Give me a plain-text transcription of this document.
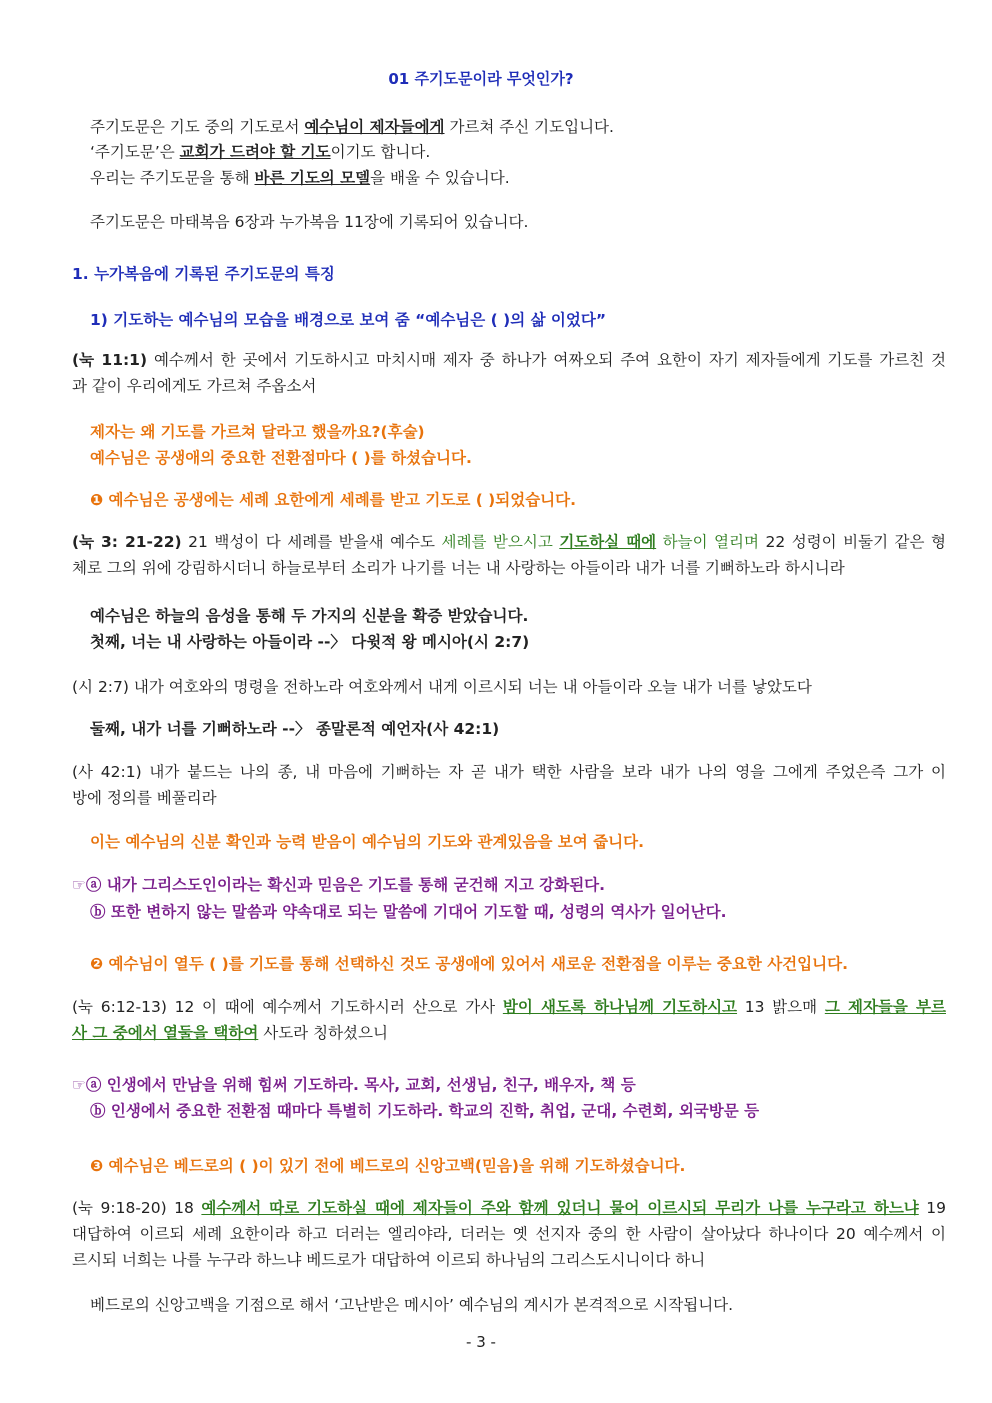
01 주기도문이라 무엇인가?
주기도문은 기도 중의 기도로서 예수님이 제자들에게 가르쳐 주신 기도입니다.
‘주기도문’은 교회가 드려야 할 기도이기도 합니다.
우리는 주기도문을 통해 바른 기도의 모델을 배울 수 있습니다.
주기도문은 마태복음 6장과 누가복음 11장에 기록되어 있습니다.
1. 누가복음에 기록된 주기도문의 특징
1) 기도하는 예수님의 모습을 배경으로 보여 줌 “예수님은 ( )의 삶 이었다”
(눅 11:1) 예수께서 한 곳에서 기도하시고 마치시매 제자 중 하나가 여짜오되 주여 요한이 자기 제자들에게 기도를 가르친 것
과 같이 우리에게도 가르쳐 주옵소서
제자는 왜 기도를 가르쳐 달라고 했을까요?(후술)
예수님은 공생애의 중요한 전환점마다 ( )를 하셨습니다.
❶ 예수님은 공생에는 세례 요한에게 세례를 받고 기도로 ( )되었습니다.
(눅 3: 21-22) 21 백성이 다 세례를 받을새 예수도 세례를 받으시고 기도하실 때에 하늘이 열리며 22 성령이 비둘기 같은 형
체로 그의 위에 강림하시더니 하늘로부터 소리가 나기를 너는 내 사랑하는 아들이라 내가 너를 기뻐하노라 하시니라
예수님은 하늘의 음성을 통해 두 가지의 신분을 확증 받았습니다.
첫째, 너는 내 사랑하는 아들이라 --〉 다윗적 왕 메시아(시 2:7)
(시 2:7) 내가 여호와의 명령을 전하노라 여호와께서 내게 이르시되 너는 내 아들이라 오늘 내가 너를 낳았도다
둘째, 내가 너를 기뻐하노라 --〉 종말론적 예언자(사 42:1)
(사 42:1) 내가 붙드는 나의 종, 내 마음에 기뻐하는 자 곧 내가 택한 사람을 보라 내가 나의 영을 그에게 주었은즉 그가 이
방에 정의를 베풀리라
이는 예수님의 신분 확인과 능력 받음이 예수님의 기도와 관계있음을 보여 줍니다.
☞ⓐ 내가 그리스도인이라는 확신과 믿음은 기도를 통해 굳건해 지고 강화된다.
ⓑ 또한 변하지 않는 말씀과 약속대로 되는 말씀에 기대어 기도할 때, 성령의 역사가 일어난다.
❷ 예수님이 열두 ( )를 기도를 통해 선택하신 것도 공생애에 있어서 새로운 전환점을 이루는 중요한 사건입니다.
(눅 6:12-13) 12 이 때에 예수께서 기도하시러 산으로 가사 밤이 새도록 하나님께 기도하시고 13 밝으매 그 제자들을 부르
사 그 중에서 열둘을 택하여 사도라 칭하셨으니
☞ⓐ 인생에서 만남을 위해 힘써 기도하라. 목사, 교회, 선생님, 친구, 배우자, 책 등
ⓑ 인생에서 중요한 전환점 때마다 특별히 기도하라. 학교의 진학, 취업, 군대, 수련회, 외국방문 등
❸ 예수님은 베드로의 ( )이 있기 전에 베드로의 신앙고백(믿음)을 위해 기도하셨습니다.
(눅 9:18-20) 18 예수께서 따로 기도하실 때에 제자들이 주와 함께 있더니 물어 이르시되 무리가 나를 누구라고 하느냐 19
대답하여 이르되 세례 요한이라 하고 더러는 엘리야라, 더러는 옛 선지자 중의 한 사람이 살아났다 하나이다 20 예수께서 이
르시되 너희는 나를 누구라 하느냐 베드로가 대답하여 이르되 하나님의 그리스도시니이다 하니
베드로의 신앙고백을 기점으로 해서 ‘고난받은 메시아’ 예수님의 계시가 본격적으로 시작됩니다.
- 3 -
